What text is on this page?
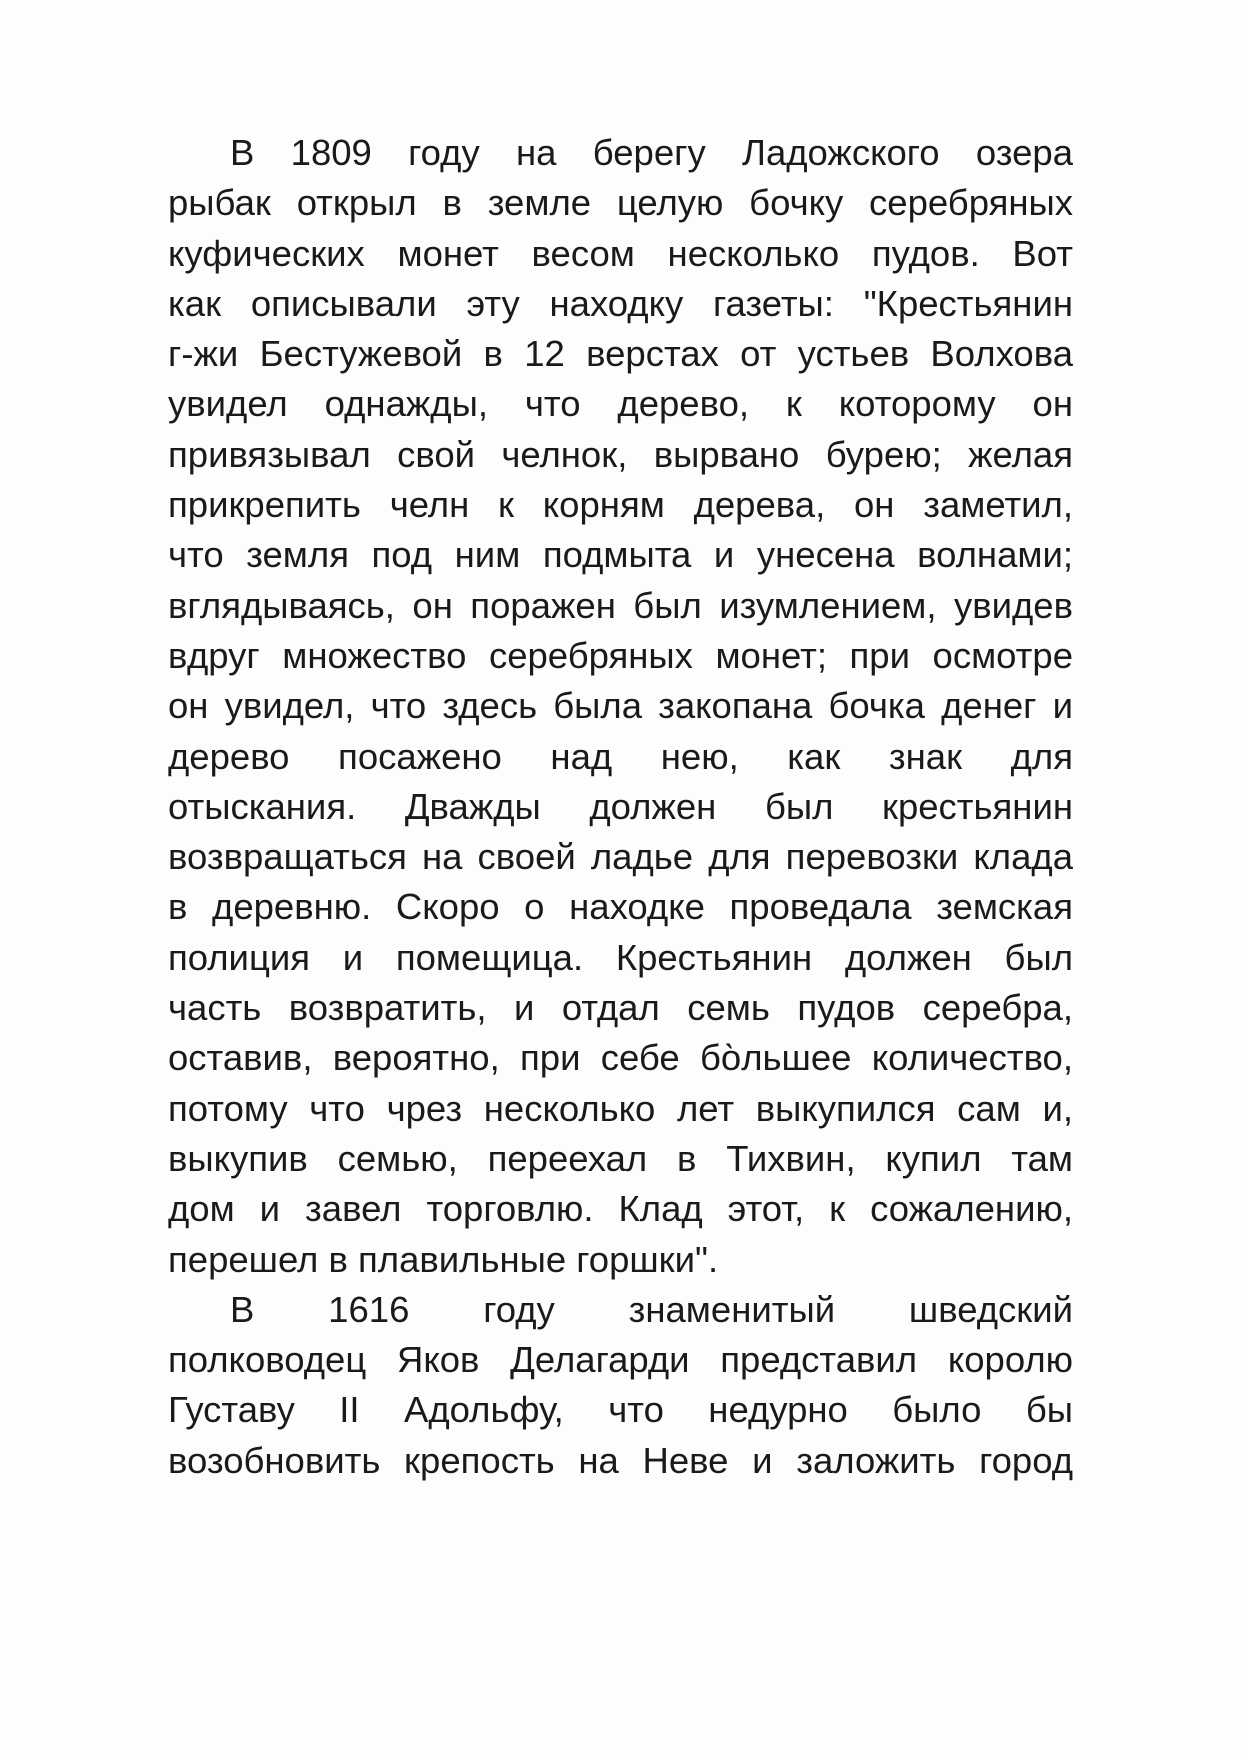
В 1809 году на берегу Ладожского озера
рыбак открыл в земле целую бочку серебряных
куфических монет весом несколько пудов. Вот
как описывали эту находку газеты: "Крестьянин
г-жи Бестужевой в 12 верстах от устьев Волхова
увидел однажды, что дерево, к которому он
привязывал свой челнок, вырвано бурею; желая
прикрепить челн к корням дерева, он заметил,
что земля под ним подмыта и унесена волнами;
вглядываясь, он поражен был изумлением, увидев
вдруг множество серебряных монет; при осмотре
он увидел, что здесь была закопана бочка денег и
дерево посажено над нею, как знак для
отыскания. Дважды должен был крестьянин
возвращаться на своей ладье для перевозки клада
в деревню. Скоро о находке проведала земская
полиция и помещица. Крестьянин должен был
часть возвратить, и отдал семь пудов серебра,
оставив, вероятно, при себе бо̀льшее количество,
потому что чрез несколько лет выкупился сам и,
выкупив семью, переехал в Тихвин, купил там
дом и завел торговлю. Клад этот, к сожалению,
перешел в плавильные горшки".
В 1616 году знаменитый шведский
полководец Яков Делагарди представил королю
Густаву II Адольфу, что недурно было бы
возобновить крепость на Неве и заложить город
